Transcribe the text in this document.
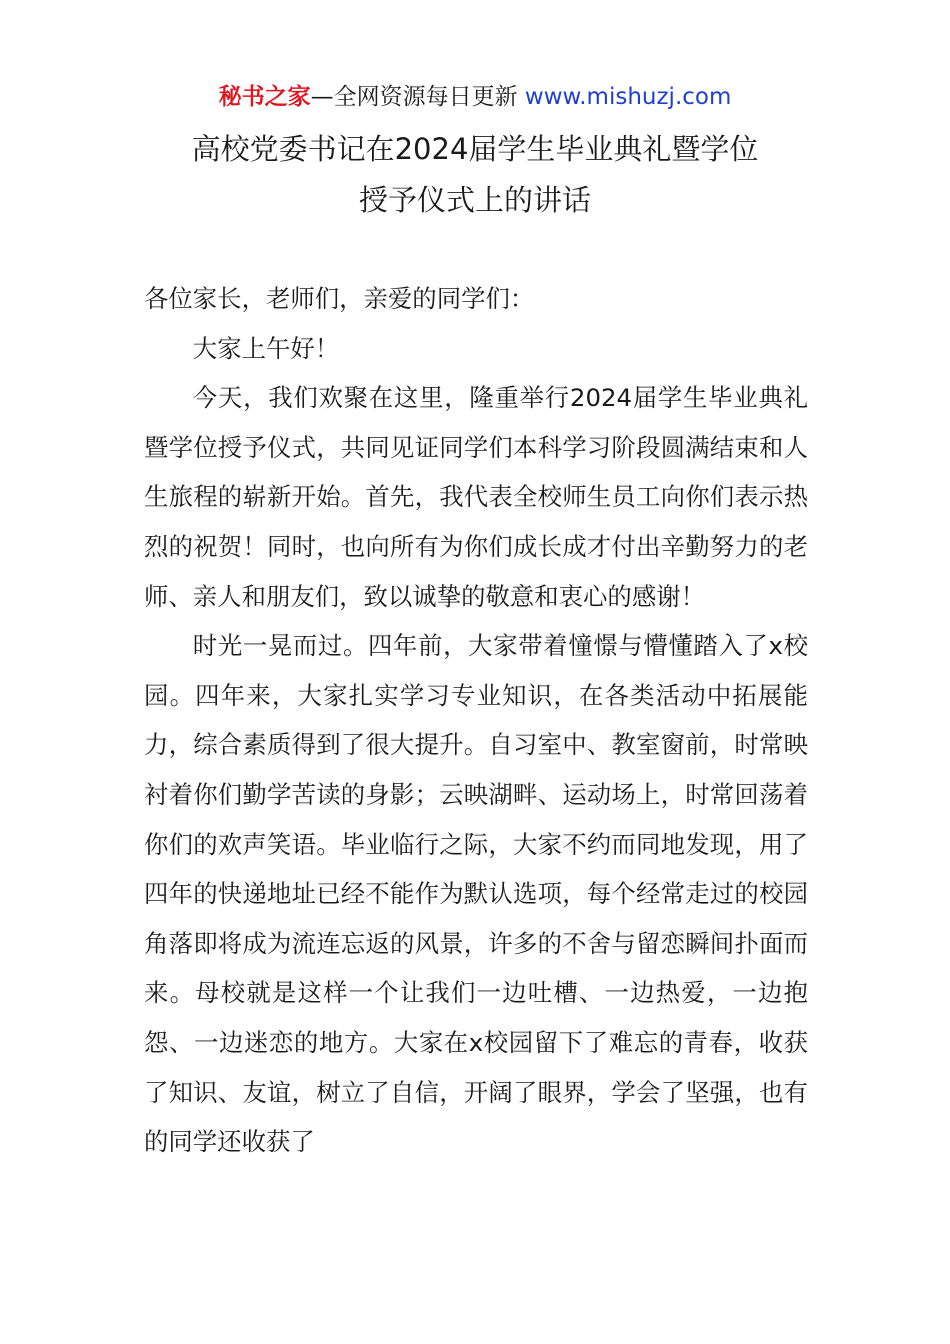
秘书之家—全网资源每日更新 www.mishuzj.com
高校党委书记在2024届学生毕业典礼暨学位
授予仪式上的讲话

各位家长，老师们，亲爱的同学们：

大家上午好！

今天，我们欢聚在这里，隆重举行2024届学生毕业典礼暨学位授予仪式，共同见证同学们本科学习阶段圆满结束和人生旅程的崭新开始。首先，我代表全校师生员工向你们表示热烈的祝贺！同时，也向所有为你们成长成才付出辛勤努力的老师、亲人和朋友们，致以诚挚的敬意和衷心的感谢！

时光一晃而过。四年前，大家带着憧憬与懵懂踏入了x校园。四年来，大家扎实学习专业知识，在各类活动中拓展能力，综合素质得到了很大提升。自习室中、教室窗前，时常映衬着你们勤学苦读的身影；云映湖畔、运动场上，时常回荡着你们的欢声笑语。毕业临行之际，大家不约而同地发现，用了四年的快递地址已经不能作为默认选项，每个经常走过的校园角落即将成为流连忘返的风景，许多的不舍与留恋瞬间扑面而来。母校就是这样一个让我们一边吐槽、一边热爱，一边抱怨、一边迷恋的地方。大家在x校园留下了难忘的青春，收获了知识、友谊，树立了自信，开阔了眼界，学会了坚强，也有的同学还收获了
